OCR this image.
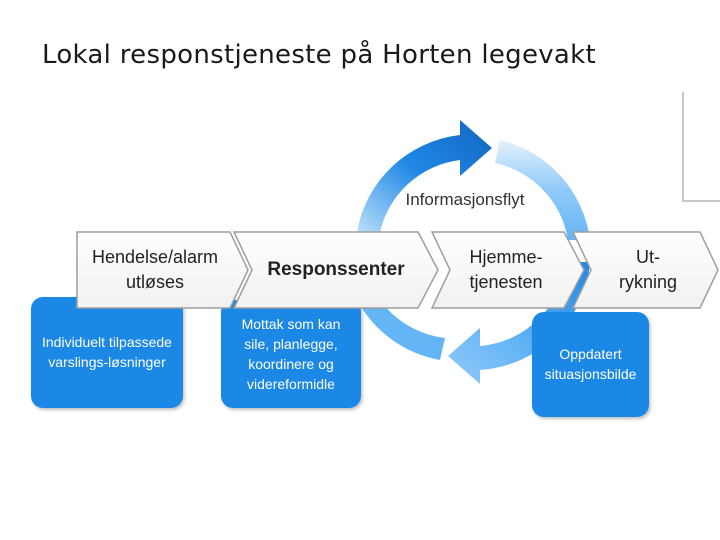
Lokal responstjeneste på Horten legevakt
Informasjonsflyt
Hendelse/alarm utløses
Responssenter
Hjemme- tjenesten
Ut- rykning
Individuelt tilpassede varslings-løsninger
Mottak som kan sile, planlegge, koordinere og videreformidle
Oppdatert situasjonsbilde
